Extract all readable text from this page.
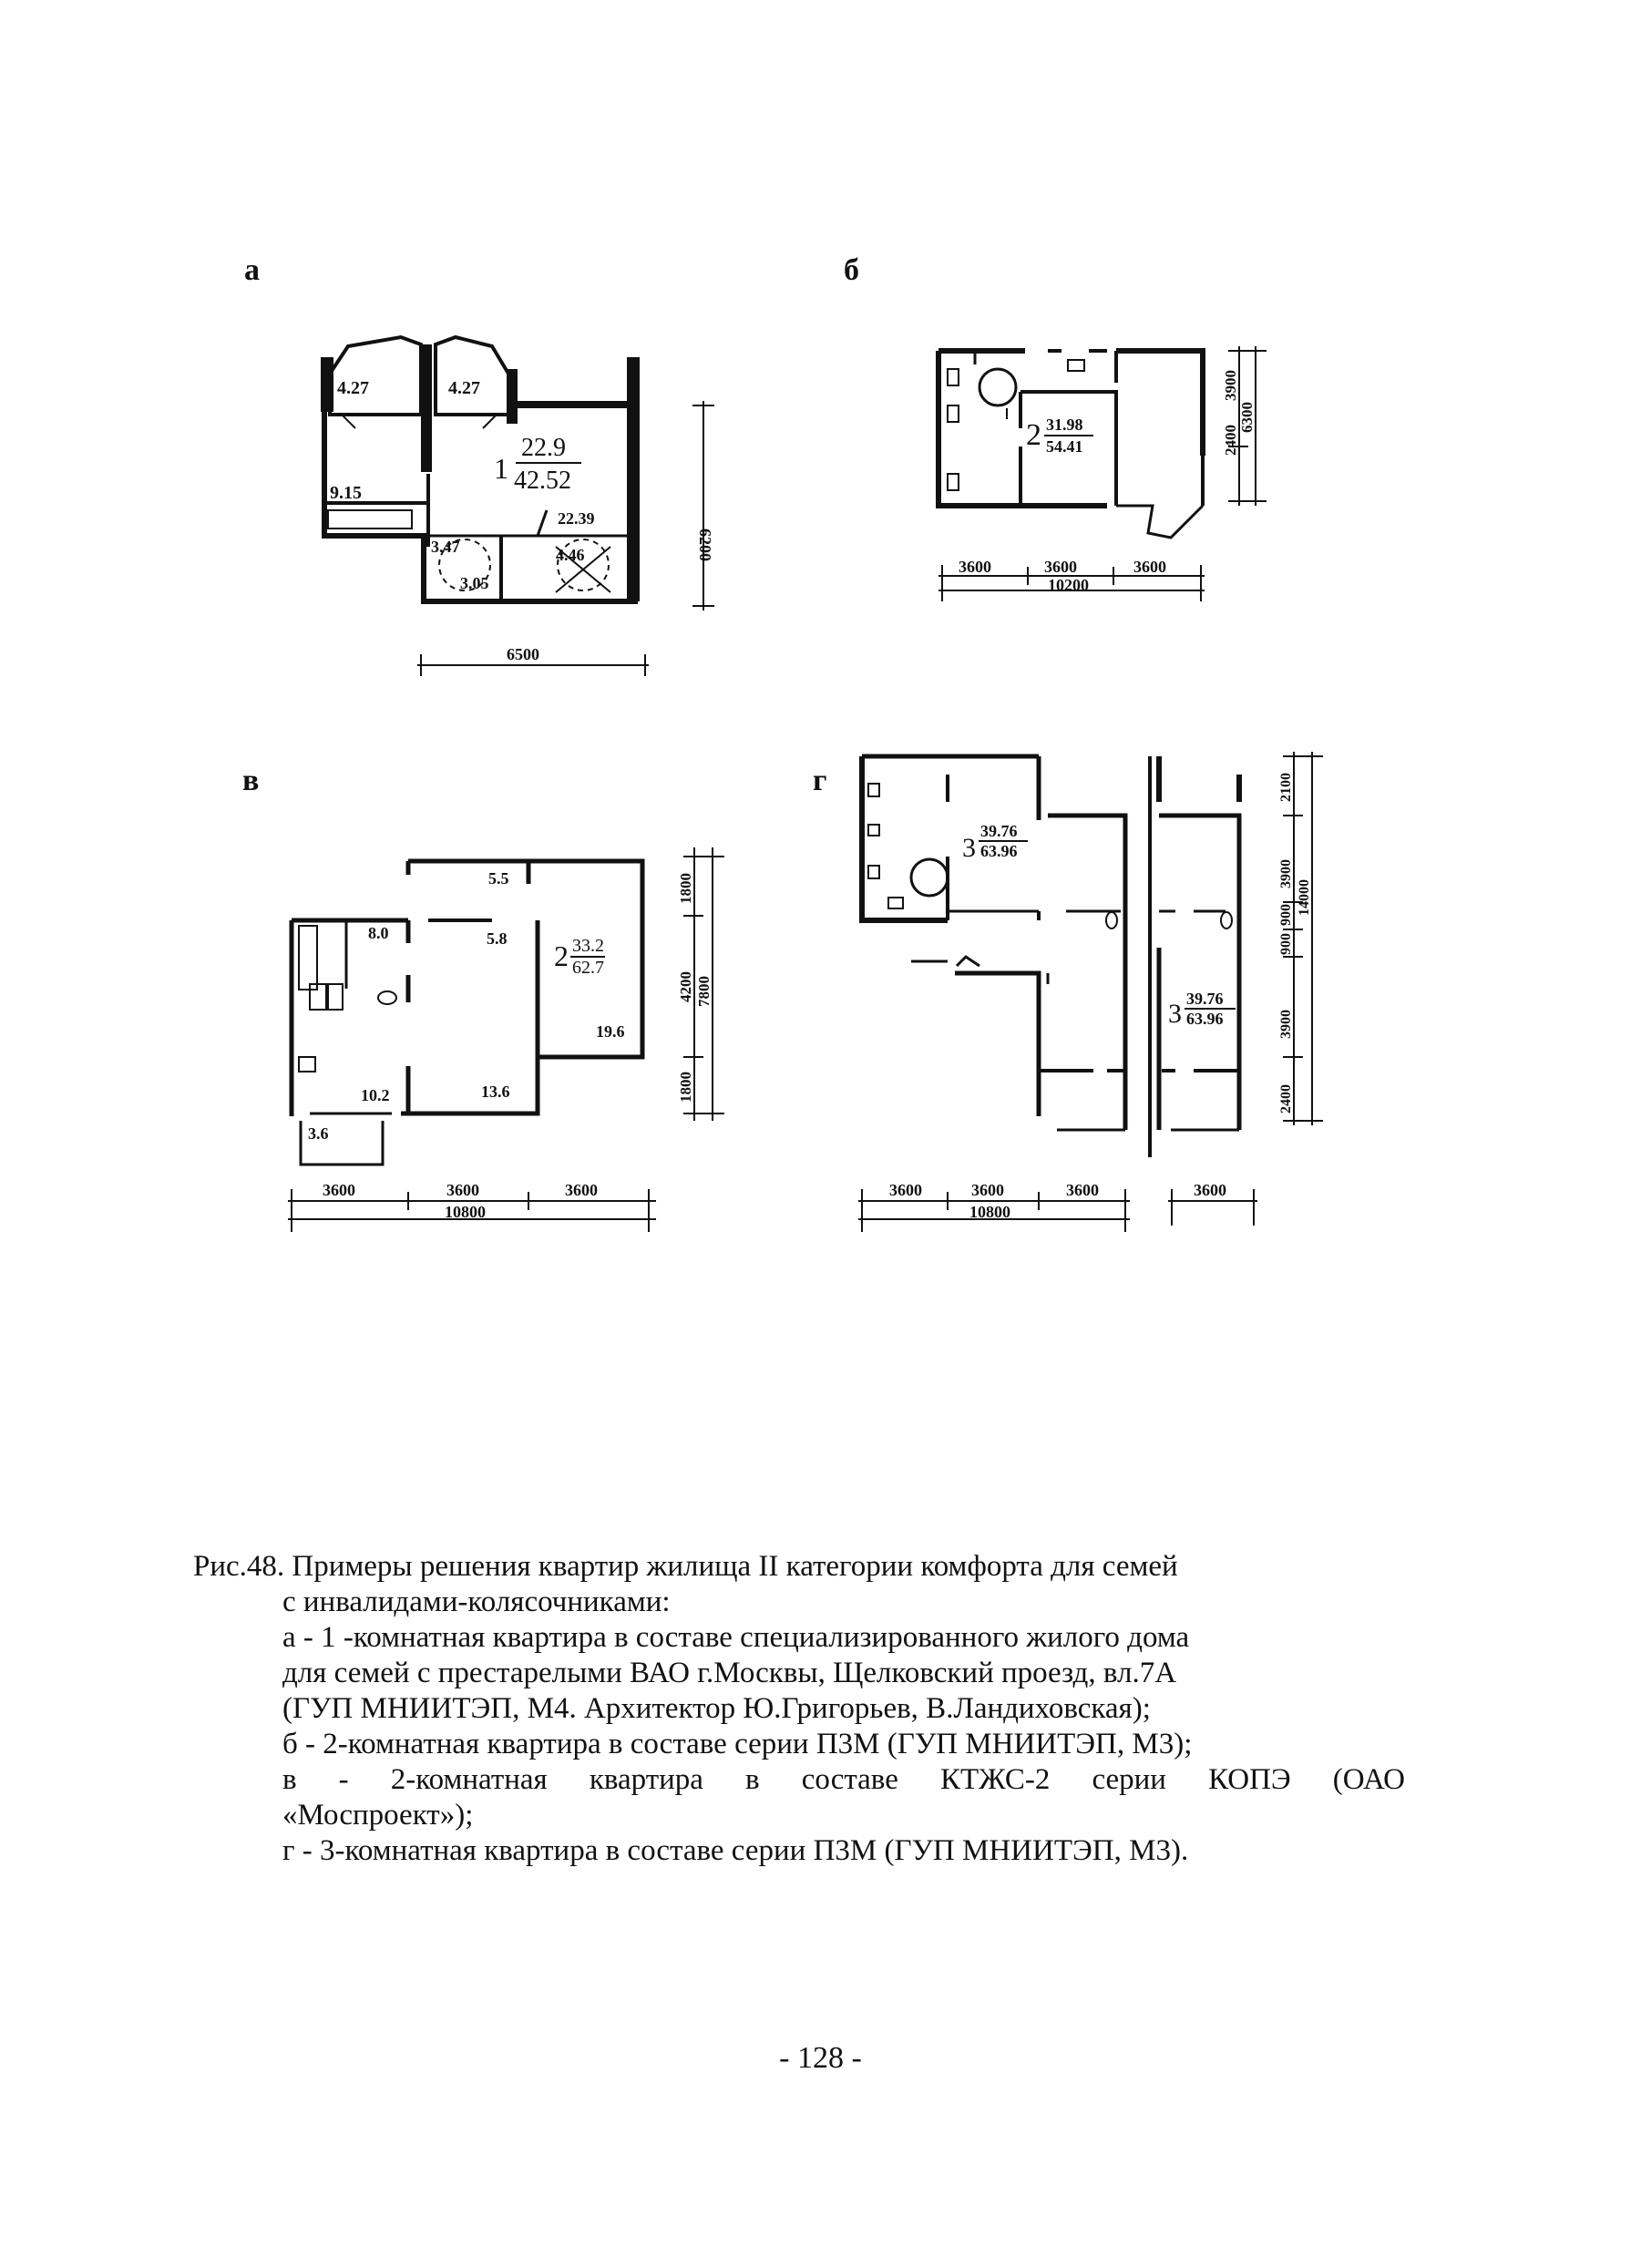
а	б
в	г
4.27	4.27
9.15
3.47
3.05
4.46
22.39
1
22.9
42.52
6500
6200
2 31.98
54.41
3600	3600	3600
10200
2400
3900
6300
5.5
8.0	5.8
19.6
10.2	13.6
3.6
2 33.2
62.7
3600	3600	3600
10800
1800
4200
1800
7800
3
39.76
63.96
3 39.76
63.96
3600	3600	3600
10800
3600
2400
3900
900
900
3900
2100
14000
Рис.48. Примеры решения квартир жилища II категории комфорта для семей
с инвалидами-колясочниками:
а - 1 -комнатная квартира в составе специализированного жилого дома
для семей с престарелыми ВАО г.Москвы, Щелковский проезд, вл.7А
(ГУП МНИИТЭП, М4. Архитектор Ю.Григорьев, В.Ландиховская);
б - 2-комнатная квартира в составе серии П3М (ГУП МНИИТЭП, М3);
в - 2-комнатная квартира в составе КТЖС-2 серии КОПЭ (ОАО
«Моспроект»);
г - 3-комнатная квартира в составе серии П3М (ГУП МНИИТЭП, М3).
- 128 -
